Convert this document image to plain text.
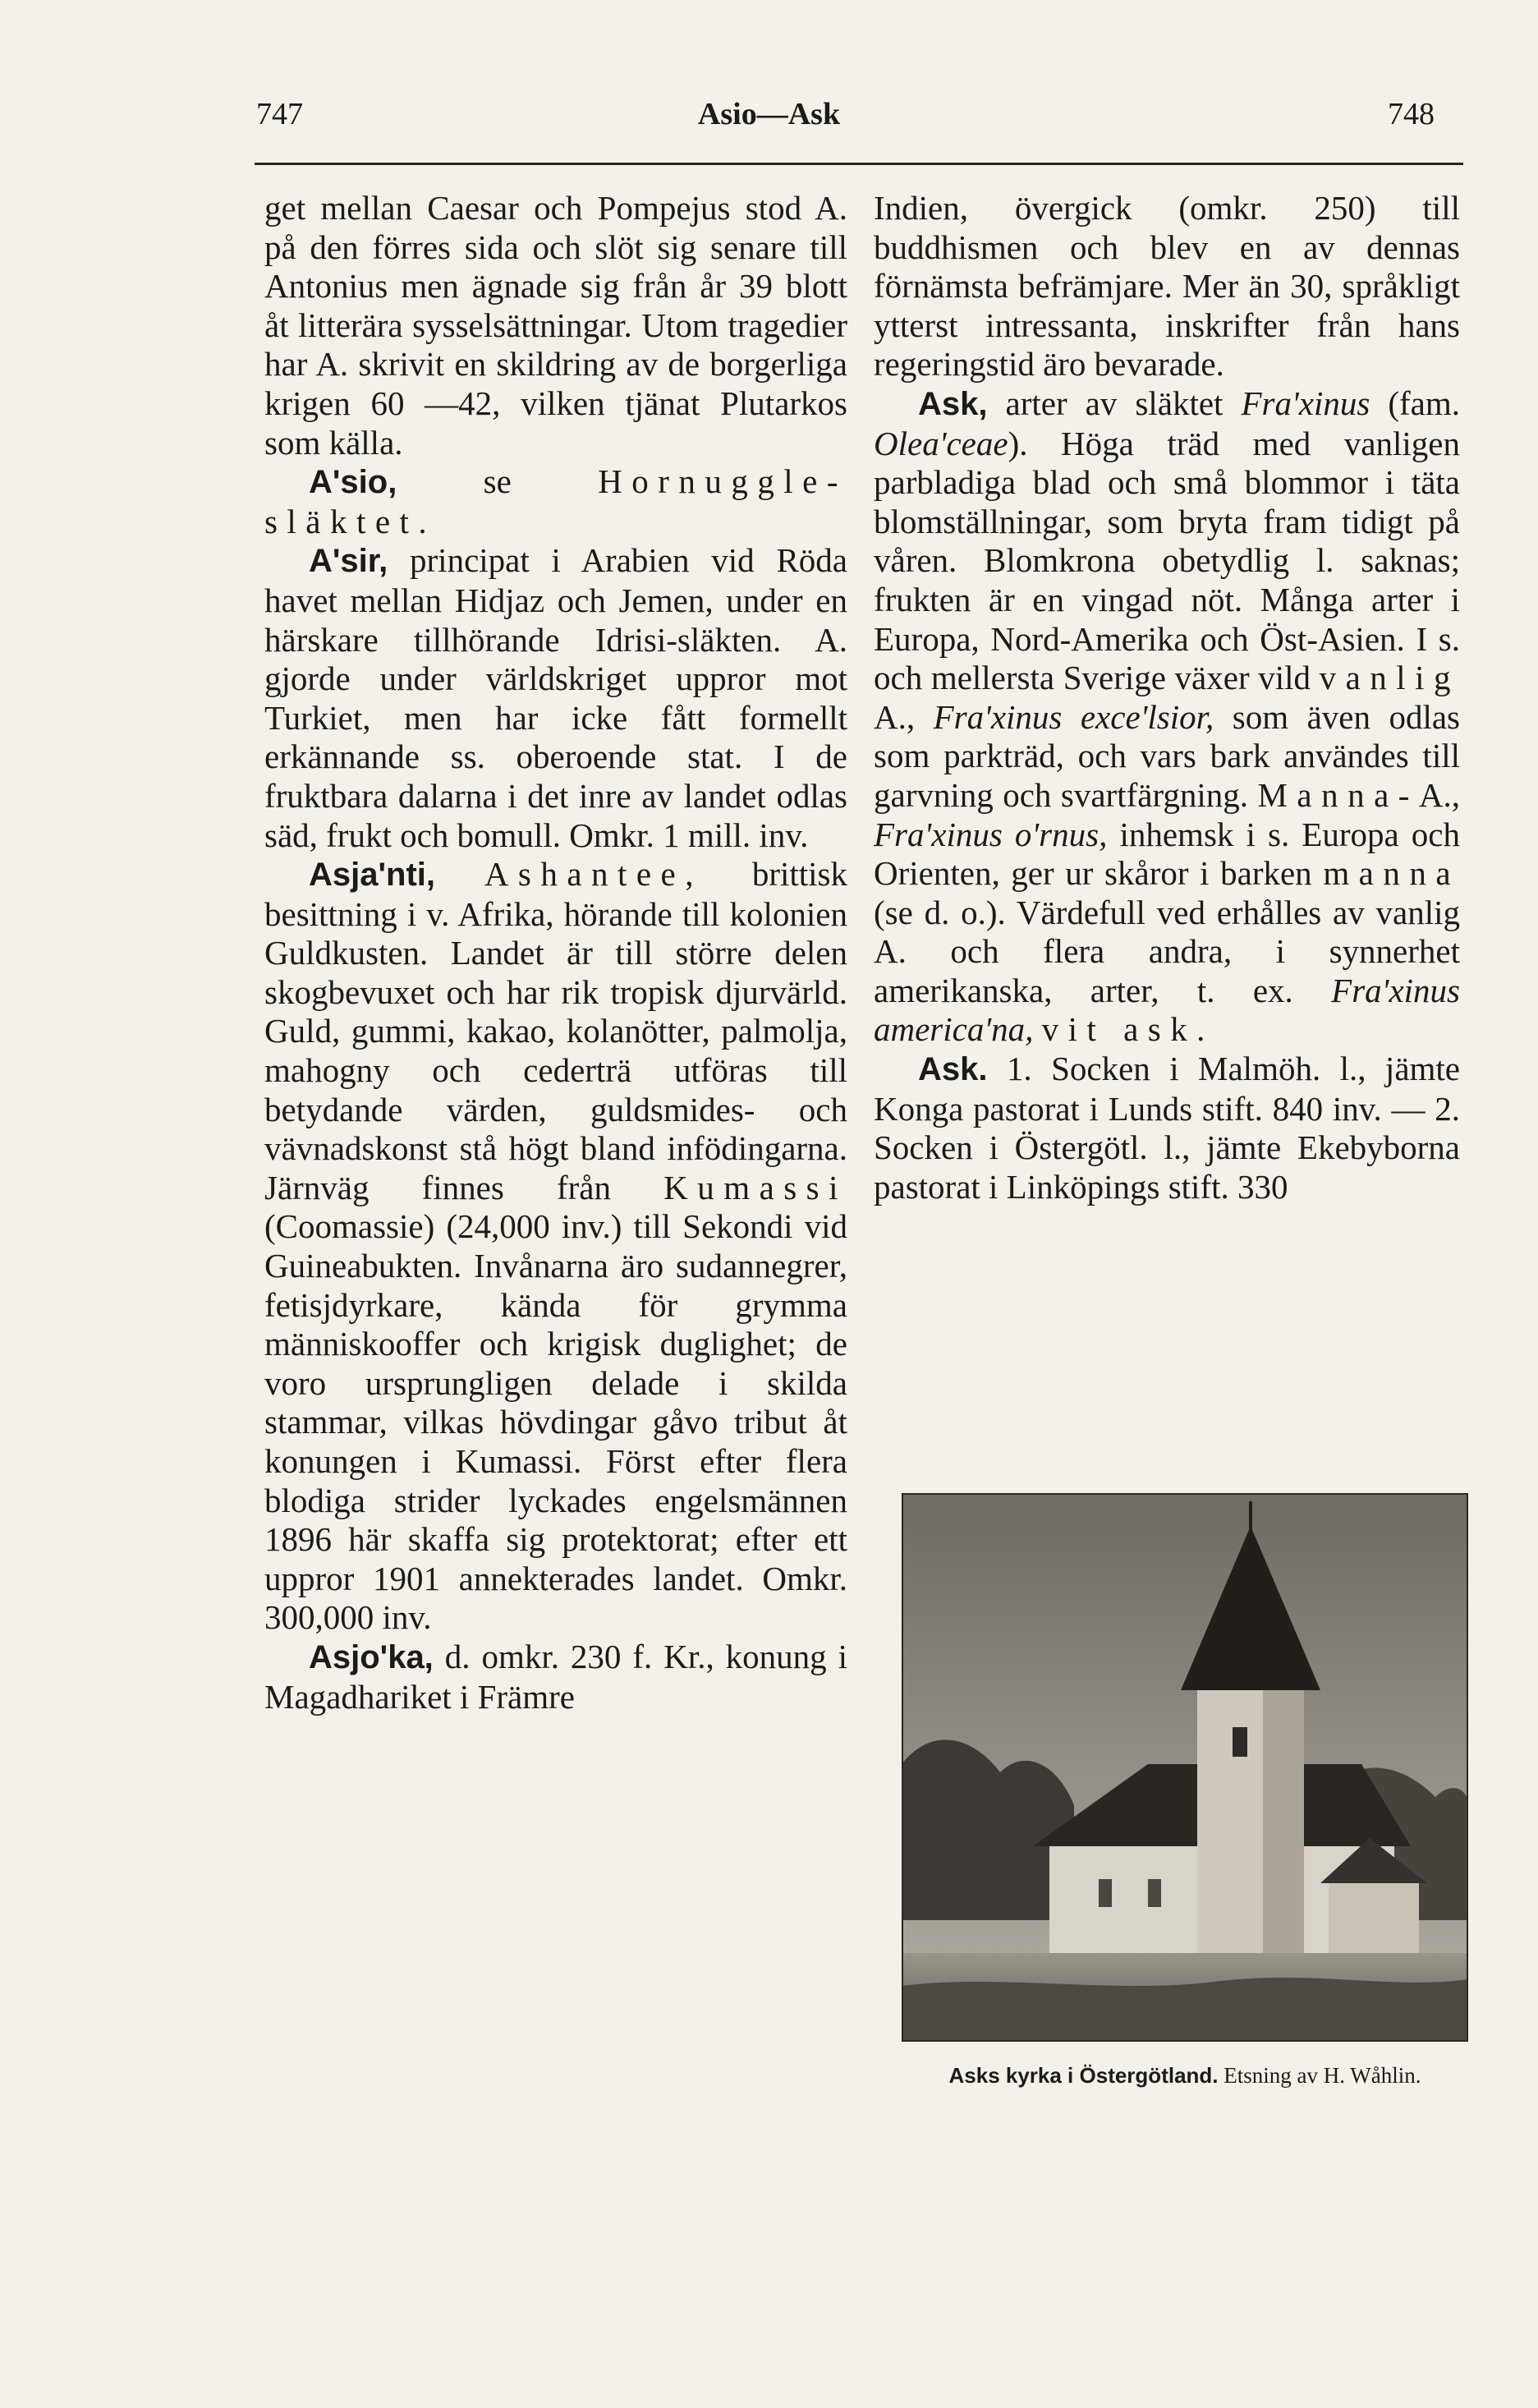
747	Asio—Ask	748

get mellan Caesar och Pompejus stod A. på den förres sida och slöt sig senare till Antonius men ägnade sig från år 39 blott åt litterära sysselsättningar. Utom tragedier har A. skrivit en skildring av de borgerliga krigen 60 —42, vilken tjänat Plutarkos som källa.

A'sio,	se	Hornuggle-släktet.

A'sir, principat i Arabien vid Röda havet mellan Hidjaz och Jemen, under en härskare tillhörande Idrisi-släkten. A. gjorde under världskriget uppror mot Turkiet, men har icke fått formellt erkännande ss. oberoende stat. I de fruktbara dalarna i det inre av landet odlas säd, frukt och bomull. Omkr. 1 mill. inv.

Asja'nti, Ashantee, brittisk besittning i v. Afrika, hörande till kolonien Guldkusten. Landet är till större delen skogbevuxet och har rik tropisk djurvärld. Guld, gummi, kakao, kolanötter, palmolja, mahogny och cederträ utföras till betydande värden, guldsmides- och vävnadskonst stå högt bland infödingarna. Järnväg finnes från Kumassi (Coomassie) (24,000 inv.) till Sekondi vid Guineabukten. Invånarna äro sudannegrer, fetisjdyrkare, kända för grymma människooffer och krigisk duglighet; de voro ursprungligen delade i skilda stammar, vilkas hövdingar gåvo tribut åt konungen i Kumassi. Först efter flera blodiga strider lyckades engelsmännen 1896 här skaffa sig protektorat; efter ett uppror 1901 annekterades landet. Omkr. 300,000 inv.

Asjo'ka, d. omkr. 230 f. Kr., konung i Magadhariket i Främre

Indien, övergick (omkr. 250) till buddhismen och blev en av dennas förnämsta befrämjare. Mer än 30, språkligt ytterst intressanta, inskrifter från hans regeringstid äro bevarade.

Ask, arter av släktet Fra'xinus (fam. Olea'ceae). Höga träd med vanligen parbladiga blad och små blommor i täta blomställningar, som bryta fram tidigt på våren. Blomkrona obetydlig l. saknas; frukten är en vingad nöt. Många arter i Europa, Nord-Amerika och Öst-Asien. I s. och mellersta Sverige växer vild vanlig A., Fra'xinus exce'lsior, som även odlas som parkträd, och vars bark användes till garvning och svartfärgning. Manna-A., Fra'xinus o'rnus, inhemsk i s. Europa och Orienten, ger ur skåror i barken manna (se d. o.). Värdefull ved erhålles av vanlig A. och flera andra, i synnerhet amerikanska, arter, t. ex. Fra'xinus america'na, vit ask.

Ask. 1. Socken i Malmöh. l., jämte Konga pastorat i Lunds stift. 840 inv. — 2. Socken i Östergötl. l., jämte Ekebyborna pastorat i Linköpings stift. 330

Asks kyrka i Östergötland. Etsning av H. Wåhlin.
